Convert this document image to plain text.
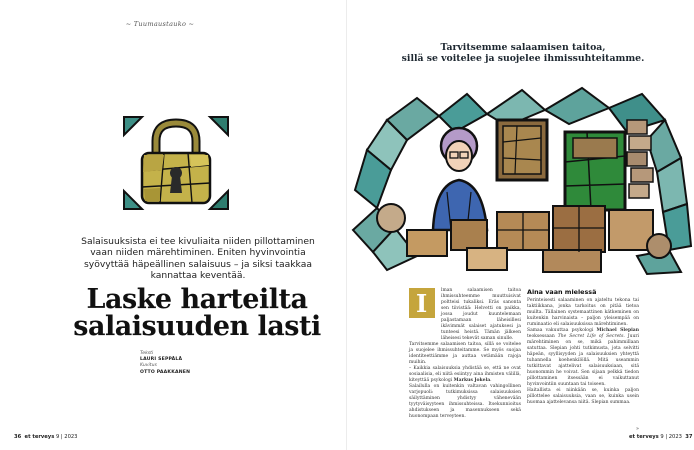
~ Tuumaustauko ~
Salaisuuksista ei tee kivuliaita niiden pillottaminen vaan niiden märehtiminen. Eniten hyvinvointia syövyttää häpeällinen salaisuus – ja siksi taakkaa kannattaa keventää.
Laske harteilta
salaisuuden lasti
Teksti
LAURI SEPPÄLÄ
Kuvitus
OTTO PAAKKANEN
36 et terveys 9 | 2023
Tarvitsemme salaamisen taitoa,
sillä se voitelee ja suojelee ihmissuhteitamme.
I	lman salaamisen taitoa ihmissuhteemme muuttuisivat poltteisi tukaliksi. Eräs sanonta sen tiivistää: Helvetti on paikka, jossa joudut kuuntelemaan paljastamaan läheisillesi ikävimmät salaiset ajatuksesi ja tunteesi heistä. Tämän jälkeen läheisesi tekevät saman sinulle.

Tarvitsemme salaamisen taitoa, sillä se voitelee ja suojelee ihmissuhteitamme. Se myös suojaa identiteettiämme ja auttaa vetämään rajoja muihin.

– Kaikkia salaisuuksia yhdistää se, että ne ovat sosiaalisia, eli niitä esiintyy aina ihmisten välillä, kiteyttää psykologi Markus Jokela.

Salailulla on kuitenkin valtavan vahingollinen varjopuoli: tutkimuksissa salaisuuksien säilyttäminen yhdistyy vähenevään tyytyväisyyteen ihmissuhteissa. Itsekunnioitus ahdistukseen ja masennukseen sekä huonompaan terveyteen.

Aina vaan mielessä

Perinteisesti salaaminen on ajateltu tekona tai taktiikkana, jonka tarkoitus on pitää tietoa muilta. Tällainen systemaattinen kätkeminen on kuitenkin harvinaista – paljon yleisempää on ruminaatio eli salaisuuksissa märehtiminen.

Samaa vakuuttaa psykologi Michael Slepian teoksessaan The Secret Life of Secrets. Juuri märehtiminen on se, mikä pahimmillaan satuttaa. Slepian johti tutkimusta, jota selvitti häpeän, syyllisyyden ja salaisuuksien yhteyttä tuhannella koehenkilöllä. Mitä useammin tutkittavat ajattelivat salaisuuksiaan, sitä huonommin he voivat. Sen sijaan pelkkä tiedon pillottaminen itsessään ei vaikuttanut hyvinvointiin suuntaan tai toiseen.

Haitallista ei niinkään se, kuinka paljon pillottelee salaisuuksia, vaan se, kuinka usein huomaa ajattelevansa niitä. Slepian summaa.

»
et terveys 9 | 2023 37
